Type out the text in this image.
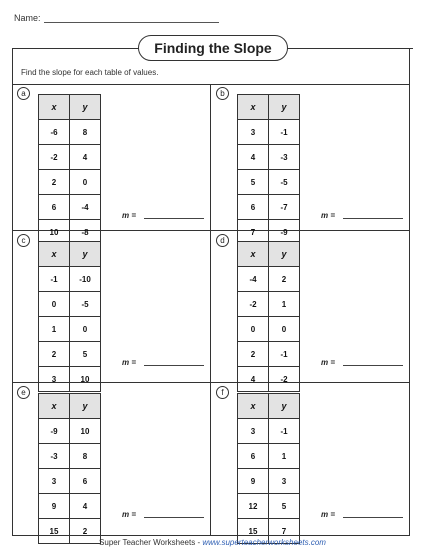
Name:
Finding the Slope
Find the slope for each table of values.
a
x	y
-6	8
-2	4
2	0
6	-4
10	-8
m =
b
x	y
3	-1
4	-3
5	-5
6	-7
7	-9
m =
c
x	y
-1	-10
0	-5
1	0
2	5
3	10
m =
d
x	y
-4	2
-2	1
0	0
2	-1
4	-2
m =
e
x	y
-9	10
-3	8
3	6
9	4
15	2
m =
f
x	y
3	-1
6	1
9	3
12	5
15	7
m =
Super Teacher Worksheets - www.superteacherworksheets.com
